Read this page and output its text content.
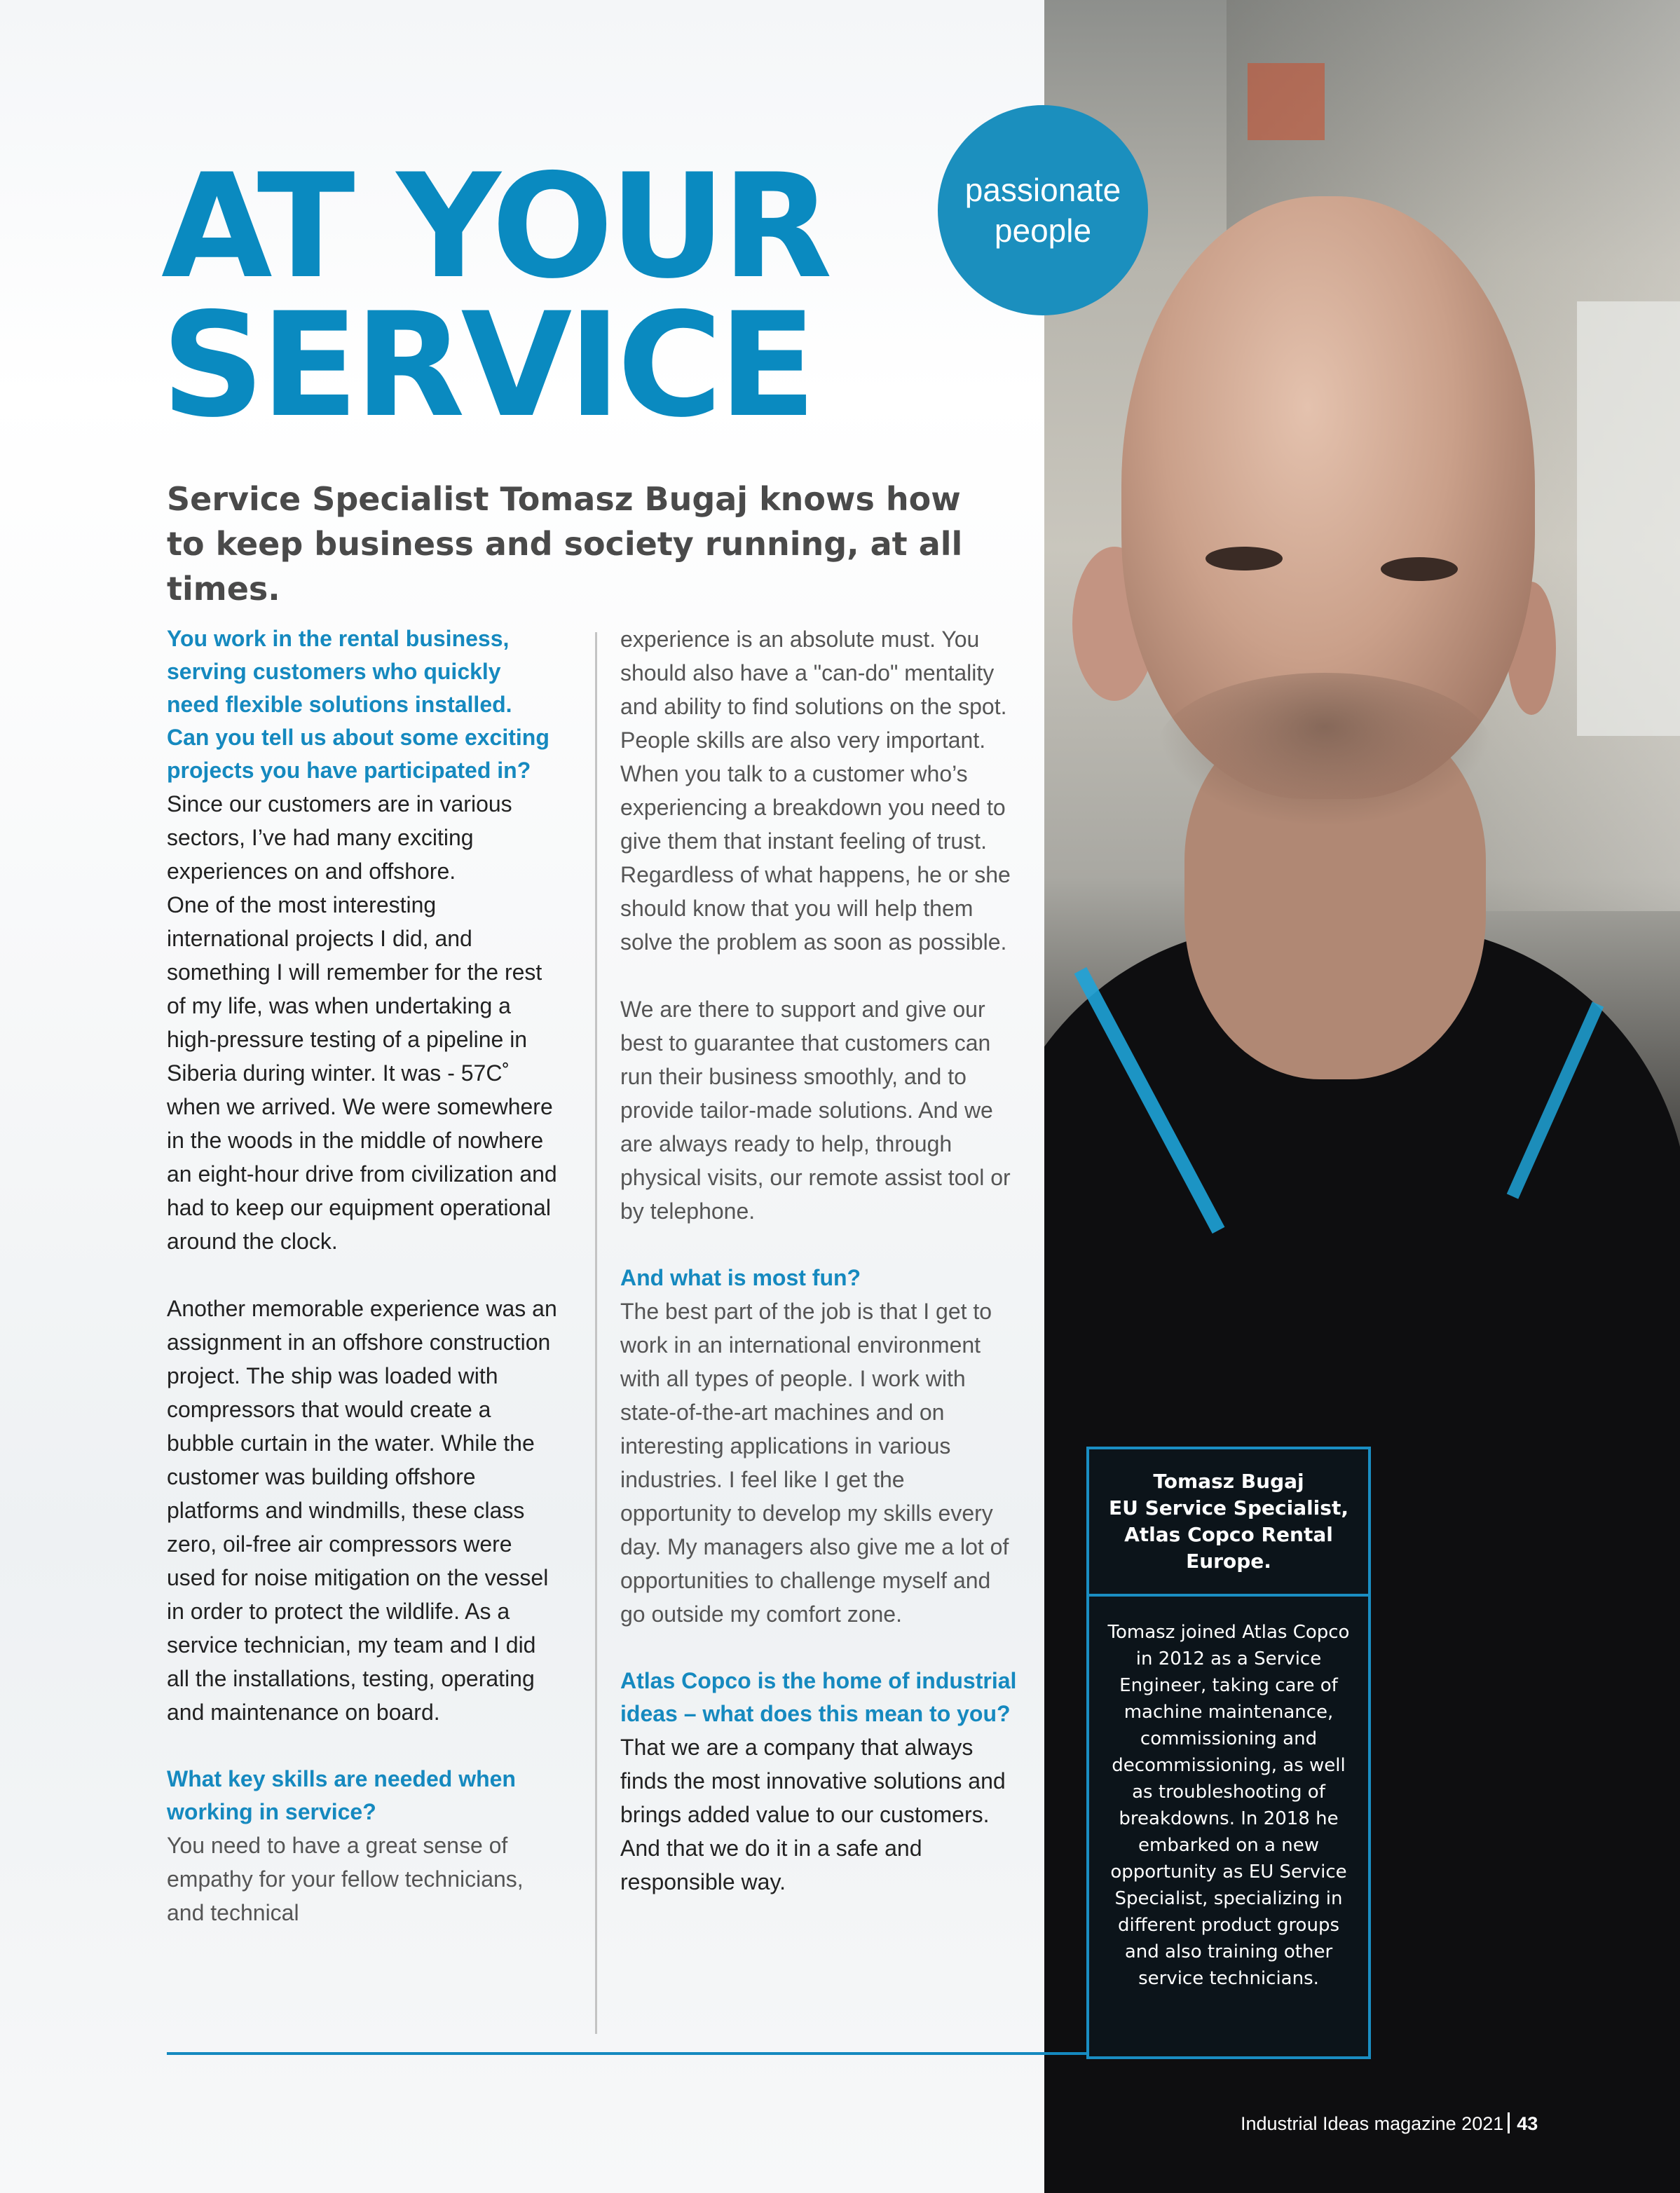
AT YOUR
SERVICE
passionate
people

Service Specialist Tomasz Bugaj knows how to keep business and society running, at all times.

You work in the rental business, serving customers who quickly need flexible solutions installed. Can you tell us about some exciting projects you have participated in?

Since our customers are in various sectors, I’ve had many exciting experiences on and offshore.

One of the most interesting international projects I did, and something I will remember for the rest of my life, was when undertaking a high-pressure testing of a pipeline in Siberia during winter. It was - 57C˚ when we arrived. We were somewhere in the woods in the middle of nowhere an eight-hour drive from civilization and had to keep our equipment operational around the clock.

Another memorable experience was an assignment in an offshore construction project. The ship was loaded with compressors that would create a bubble curtain in the water. While the customer was building offshore platforms and windmills, these class zero, oil-free air compressors were used for noise mitigation on the vessel in order to protect the wildlife. As a service technician, my team and I did all the installations, testing, operating and maintenance on board.

What key skills are needed when working in service?

You need to have a great sense of empathy for your fellow technicians, and technical

experience is an absolute must. You should also have a "can-do" mentality and ability to find solutions on the spot. People skills are also very important. When you talk to a customer who’s experiencing a breakdown you need to give them that instant feeling of trust. Regardless of what happens, he or she should know that you will help them solve the problem as soon as possible.

We are there to support and give our best to guarantee that customers can run their business smoothly, and to provide tailor-made solutions. And we are always ready to help, through physical visits, our remote assist tool or by telephone.

And what is most fun?

The best part of the job is that I get to work in an international environment with all types of people. I work with state-of-the-art machines and on interesting applications in various industries. I feel like I get the opportunity to develop my skills every day. My managers also give me a lot of opportunities to challenge myself and go outside my comfort zone.

Atlas Copco is the home of industrial ideas – what does this mean to you?

That we are a company that always finds the most innovative solutions and brings added value to our customers. And that we do it in a safe and responsible way.

Tomasz Bugaj
EU Service Specialist,
Atlas Copco Rental
Europe.
Tomasz joined Atlas Copco in 2012 as a Service Engineer, taking care of machine maintenance, commissioning and decommissioning, as well as troubleshooting of breakdowns. In 2018 he embarked on a new opportunity as EU Service Specialist, specializing in different product groups and also training other service technicians.
Industrial Ideas magazine 2021 43
